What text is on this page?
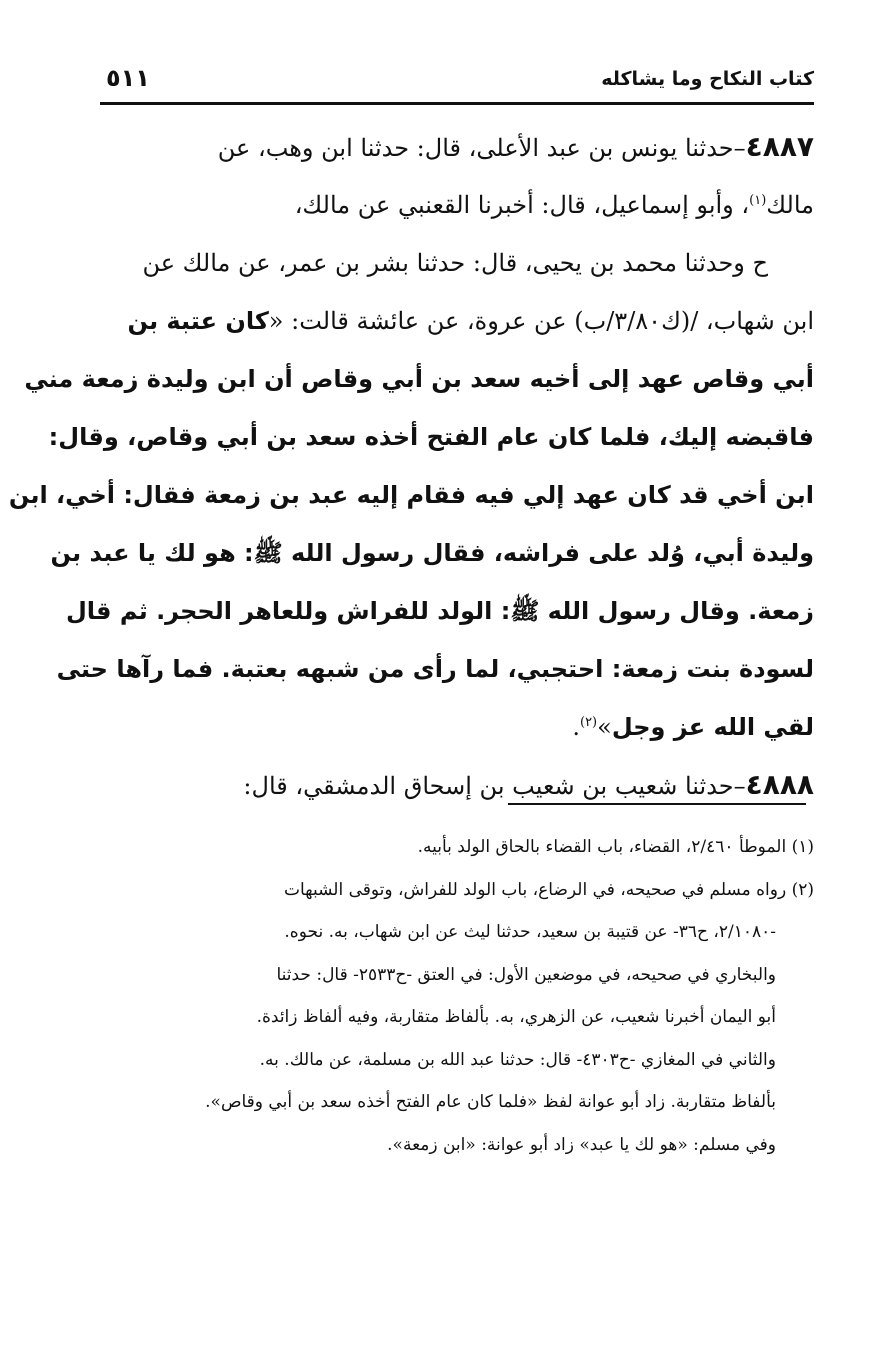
كتاب النكاح وما يشاكله
٥١١
٤٨٨٧–حدثنا يونس بن عبد الأعلى، قال: حدثنا ابن وهب، عن
مالك$^{(١)}$، وأبو إسماعيل، قال: أخبرنا القعنبي عن مالك،
ح وحدثنا محمد بن يحيى، قال: حدثنا بشر بن عمر، عن مالك عن
ابن شهاب، /(ك٣/٨٠/ب) عن عروة، عن عائشة قالت: «كان عتبة بن
أبي وقاص عهد إلى أخيه سعد بن أبي وقاص أن ابن وليدة زمعة مني
فاقبضه إليك، فلما كان عام الفتح أخذه سعد بن أبي وقاص، وقال:
ابن أخي قد كان عهد إلي فيه فقام إليه عبد بن زمعة فقال: أخي، ابن
وليدة أبي، وُلد على فراشه، فقال رسول الله ﷺ: هو لك يا عبد بن
زمعة. وقال رسول الله ﷺ: الولد للفراش وللعاهر الحجر. ثم قال
لسودة بنت زمعة: احتجبي، لما رأى من شبهه بعتبة. فما رآها حتى
لقي الله عز وجل»$^{(٢)}$.
٤٨٨٨–حدثنا شعيب بن شعيب بن إسحاق الدمشقي، قال:
(١) الموطأ ٢/٤٦٠، القضاء، باب القضاء بالحاق الولد بأبيه.
(٢) رواه مسلم في صحيحه، في الرضاع، باب الولد للفراش، وتوقى الشبهات
-٢/١٠٨٠، ح٣٦- عن قتيبة بن سعيد، حدثنا ليث عن ابن شهاب، به. نحوه.
والبخاري في صحيحه، في موضعين الأول: في العتق -ح٢٥٣٣- قال: حدثنا
أبو اليمان أخبرنا شعيب، عن الزهري، به. بألفاظ متقاربة، وفيه ألفاظ زائدة.
والثاني في المغازي -ح٤٣٠٣- قال: حدثنا عبد الله بن مسلمة، عن مالك. به.
بألفاظ متقاربة. زاد أبو عوانة لفظ «فلما كان عام الفتح أخذه سعد بن أبي وقاص».
وفي مسلم: «هو لك يا عبد» زاد أبو عوانة: «ابن زمعة».
